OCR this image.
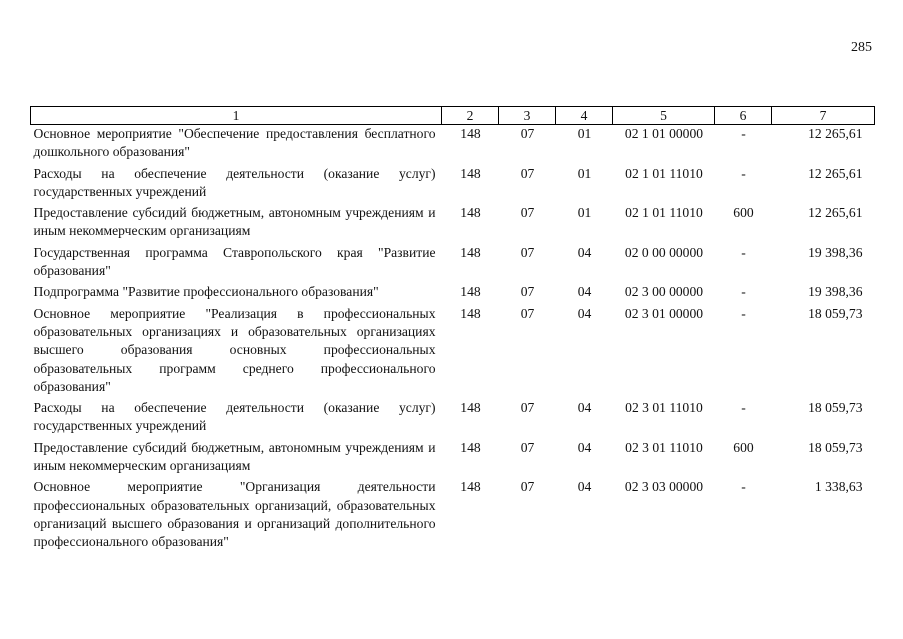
285
1	2	3	4	5	6	7
Основное мероприятие "Обеспечение предоставления бесплатного дошкольного образования"	148	07	01	02 1 01 00000	-	12 265,61
Расходы на обеспечение деятельности (оказание услуг) государственных учреждений	148	07	01	02 1 01 11010	-	12 265,61
Предоставление субсидий бюджетным, автономным учреждениям и иным некоммерческим организациям	148	07	01	02 1 01 11010	600	12 265,61
Государственная программа Ставропольского края "Развитие образования"	148	07	04	02 0 00 00000	-	19 398,36
Подпрограмма "Развитие профессионального образования"	148	07	04	02 3 00 00000	-	19 398,36
Основное мероприятие "Реализация в профессиональных образовательных организациях и образовательных организациях высшего образования основных профессиональных образовательных программ среднего профессионального образования"	148	07	04	02 3 01 00000	-	18 059,73
Расходы на обеспечение деятельности (оказание услуг) государственных учреждений	148	07	04	02 3 01 11010	-	18 059,73
Предоставление субсидий бюджетным, автономным учреждениям и иным некоммерческим организациям	148	07	04	02 3 01 11010	600	18 059,73
Основное мероприятие "Организация деятельности профессиональных образовательных организаций, образовательных организаций высшего образования и организаций дополнительного профессионального образования"	148	07	04	02 3 03 00000	-	1 338,63
